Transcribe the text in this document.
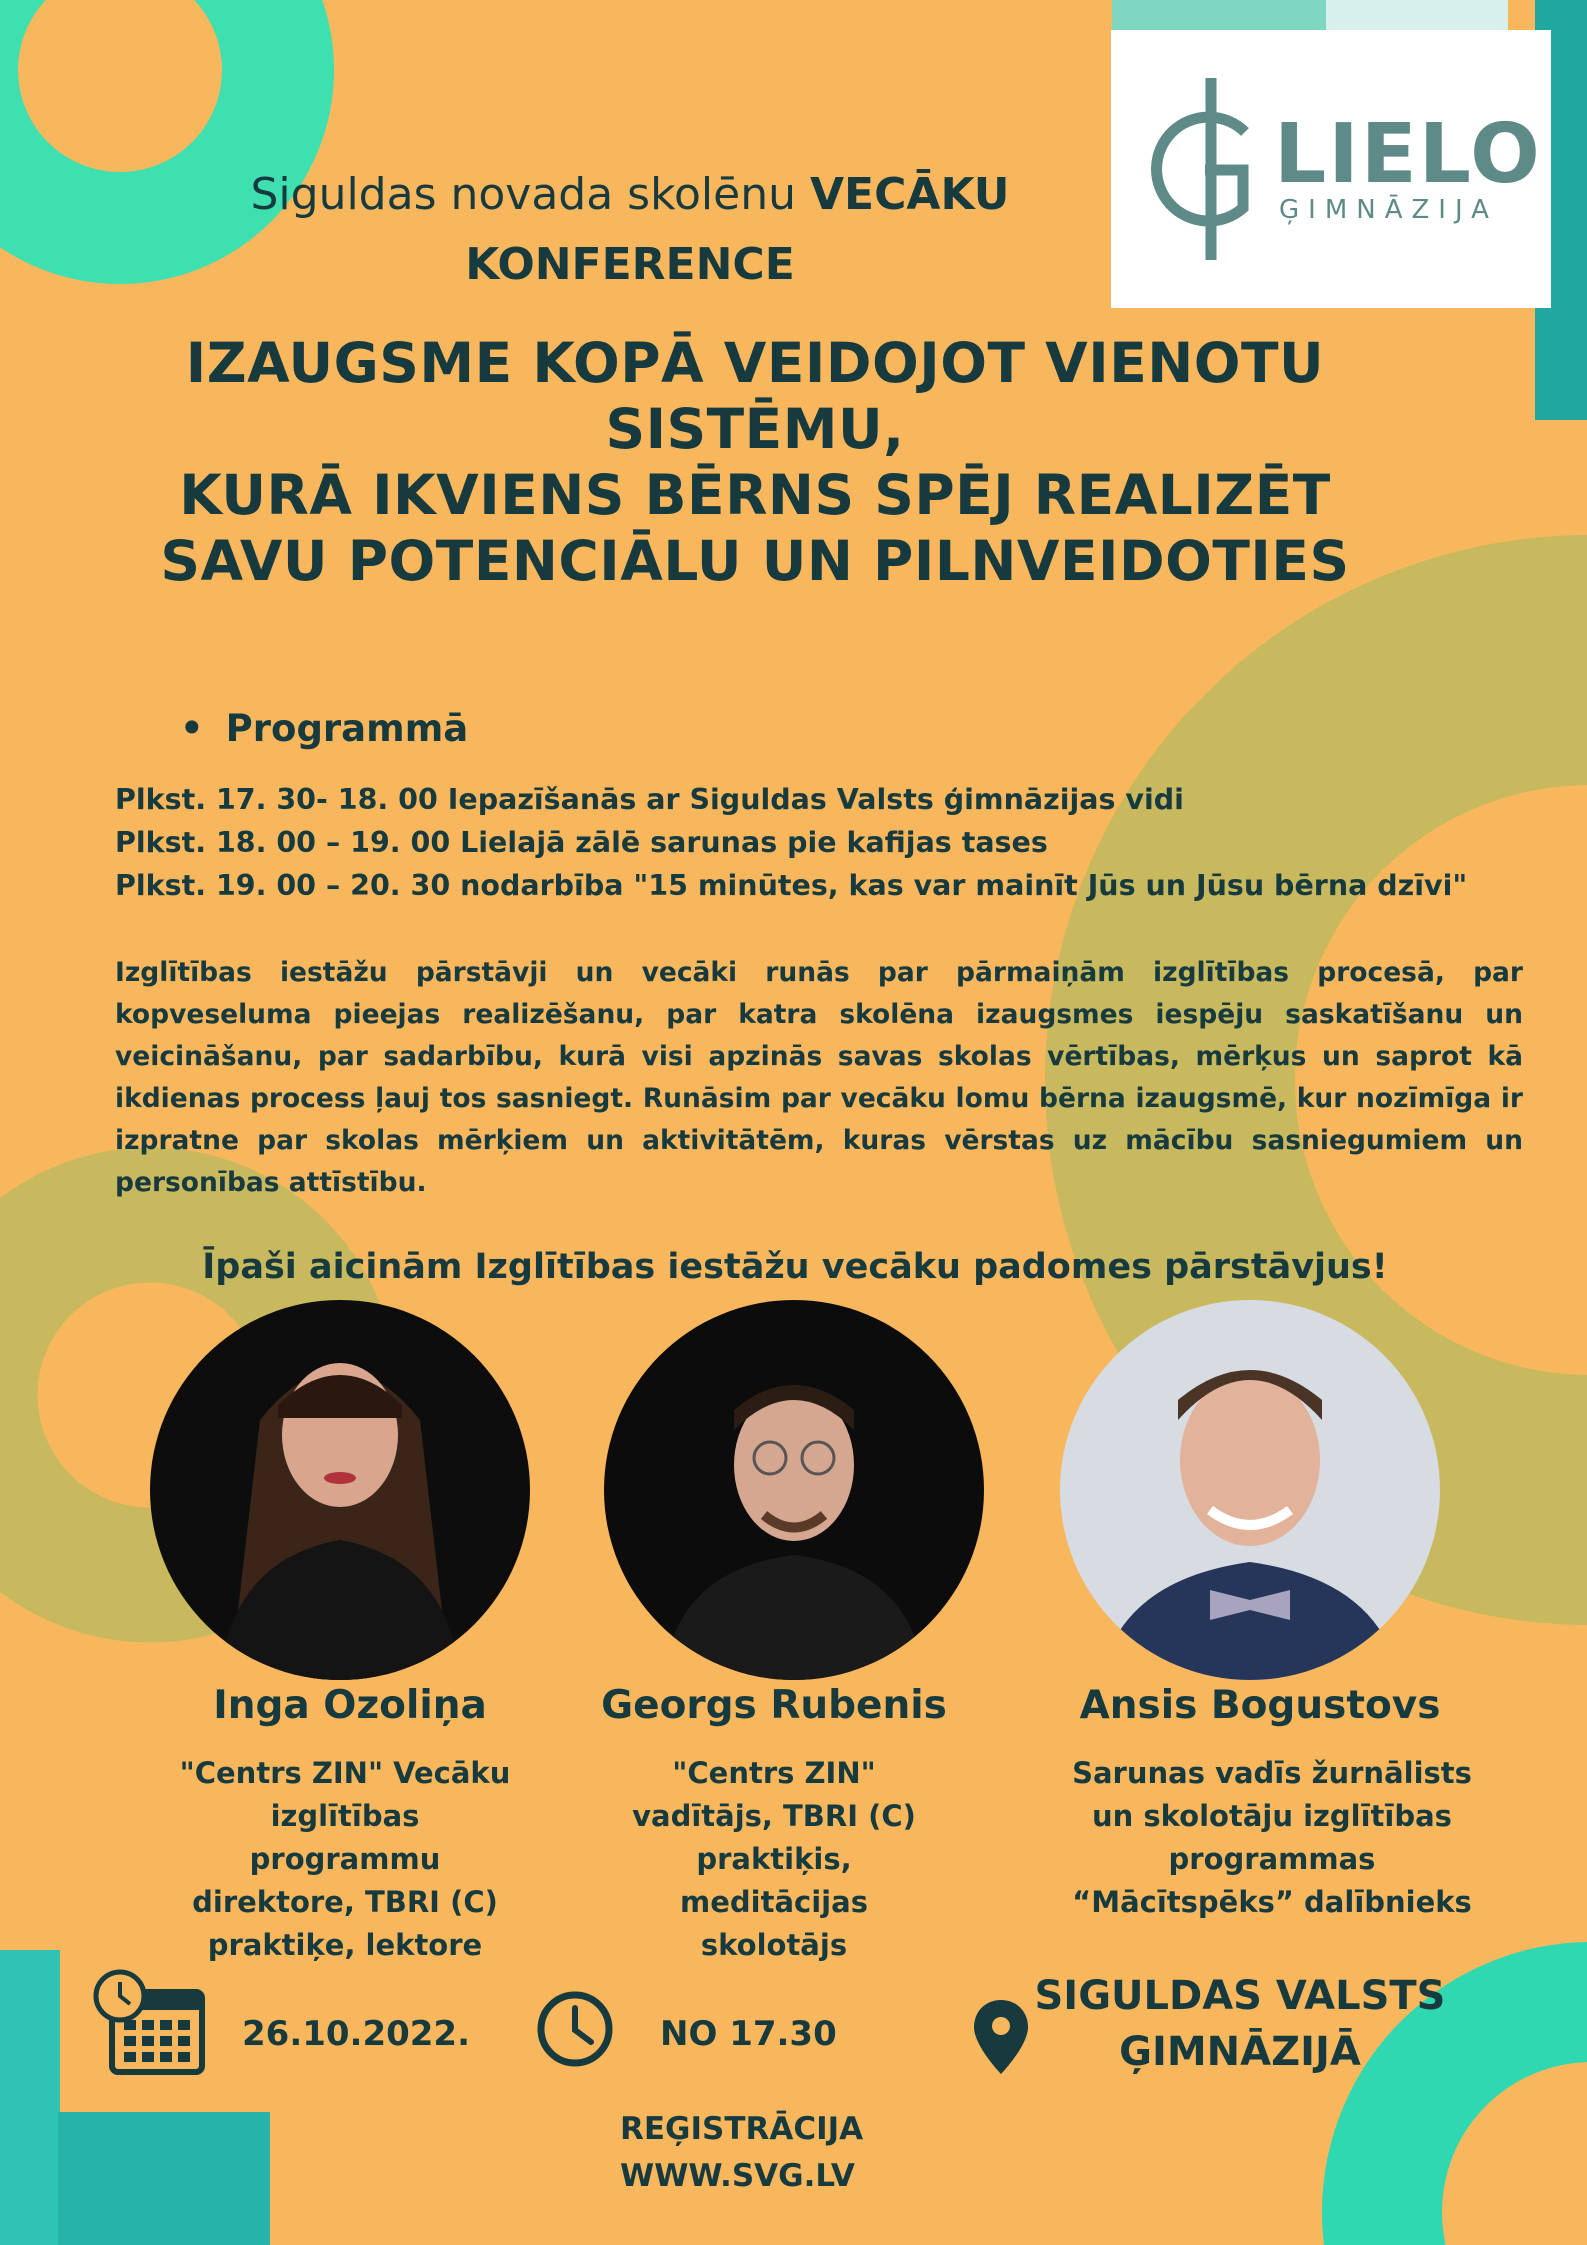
LIELO
ĢIMNĀZIJA
Siguldas novada skolēnu VECĀKU KONFERENCE
IZAUGSME KOPĀ VEIDOJOT VIENOTU
SISTĒMU,
KURĀ IKVIENS BĒRNS SPĒJ REALIZĒT
SAVU POTENCIĀLU UN PILNVEIDOTIES
• Programmā
Plkst. 17. 30- 18. 00 Iepazīšanās ar Siguldas Valsts ģimnāzijas vidi
Plkst. 18. 00 – 19. 00 Lielajā zālē sarunas pie kafijas tases
Plkst. 19. 00 – 20. 30 nodarbība "15 minūtes, kas var mainīt Jūs un Jūsu bērna dzīvi"
Izglītības iestāžu pārstāvji un vecāki runās par pārmaiņām izglītības procesā, par kopveseluma pieejas realizēšanu, par katra skolēna izaugsmes iespēju saskatīšanu un veicināšanu, par sadarbību, kurā visi apzinās savas skolas vērtības, mērķus un saprot kā ikdienas process ļauj tos sasniegt. Runāsim par vecāku lomu bērna izaugsmē, kur nozīmīga ir izpratne par skolas mērķiem un aktivitātēm, kuras vērstas uz mācību sasniegumiem un personības attīstību.
Īpaši aicinām Izglītības iestāžu vecāku padomes pārstāvjus!
Inga Ozoliņa
"Centrs ZIN" Vecāku
izglītības
programmu
direktore, TBRI (C)
praktiķe, lektore
Georgs Rubenis
"Centrs ZIN"
vadītājs, TBRI (C)
praktiķis,
meditācijas
skolotājs
Ansis Bogustovs
Sarunas vadīs žurnālists
un skolotāju izglītības
programmas
“Mācītspēks” dalībnieks
26.10.2022.	NO 17.30
SIGULDAS VALSTS
ĢIMNĀZIJĀ
REĢISTRĀCIJA
WWW.SVG.LV
